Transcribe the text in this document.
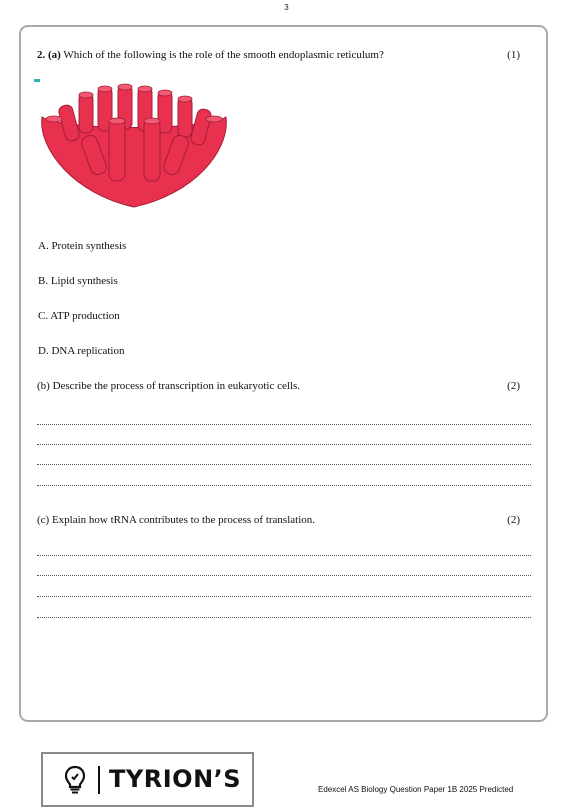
3
2. (a) Which of the following is the role of the smooth endoplasmic reticulum?	(1)
A. Protein synthesis
B. Lipid synthesis
C. ATP production
D. DNA replication
(b) Describe the process of transcription in eukaryotic cells.	(2)
(c) Explain how tRNA contributes to the process of translation.	(2)
TYRION’S	Edexcel AS Biology Question Paper 1B 2025 Predicted
